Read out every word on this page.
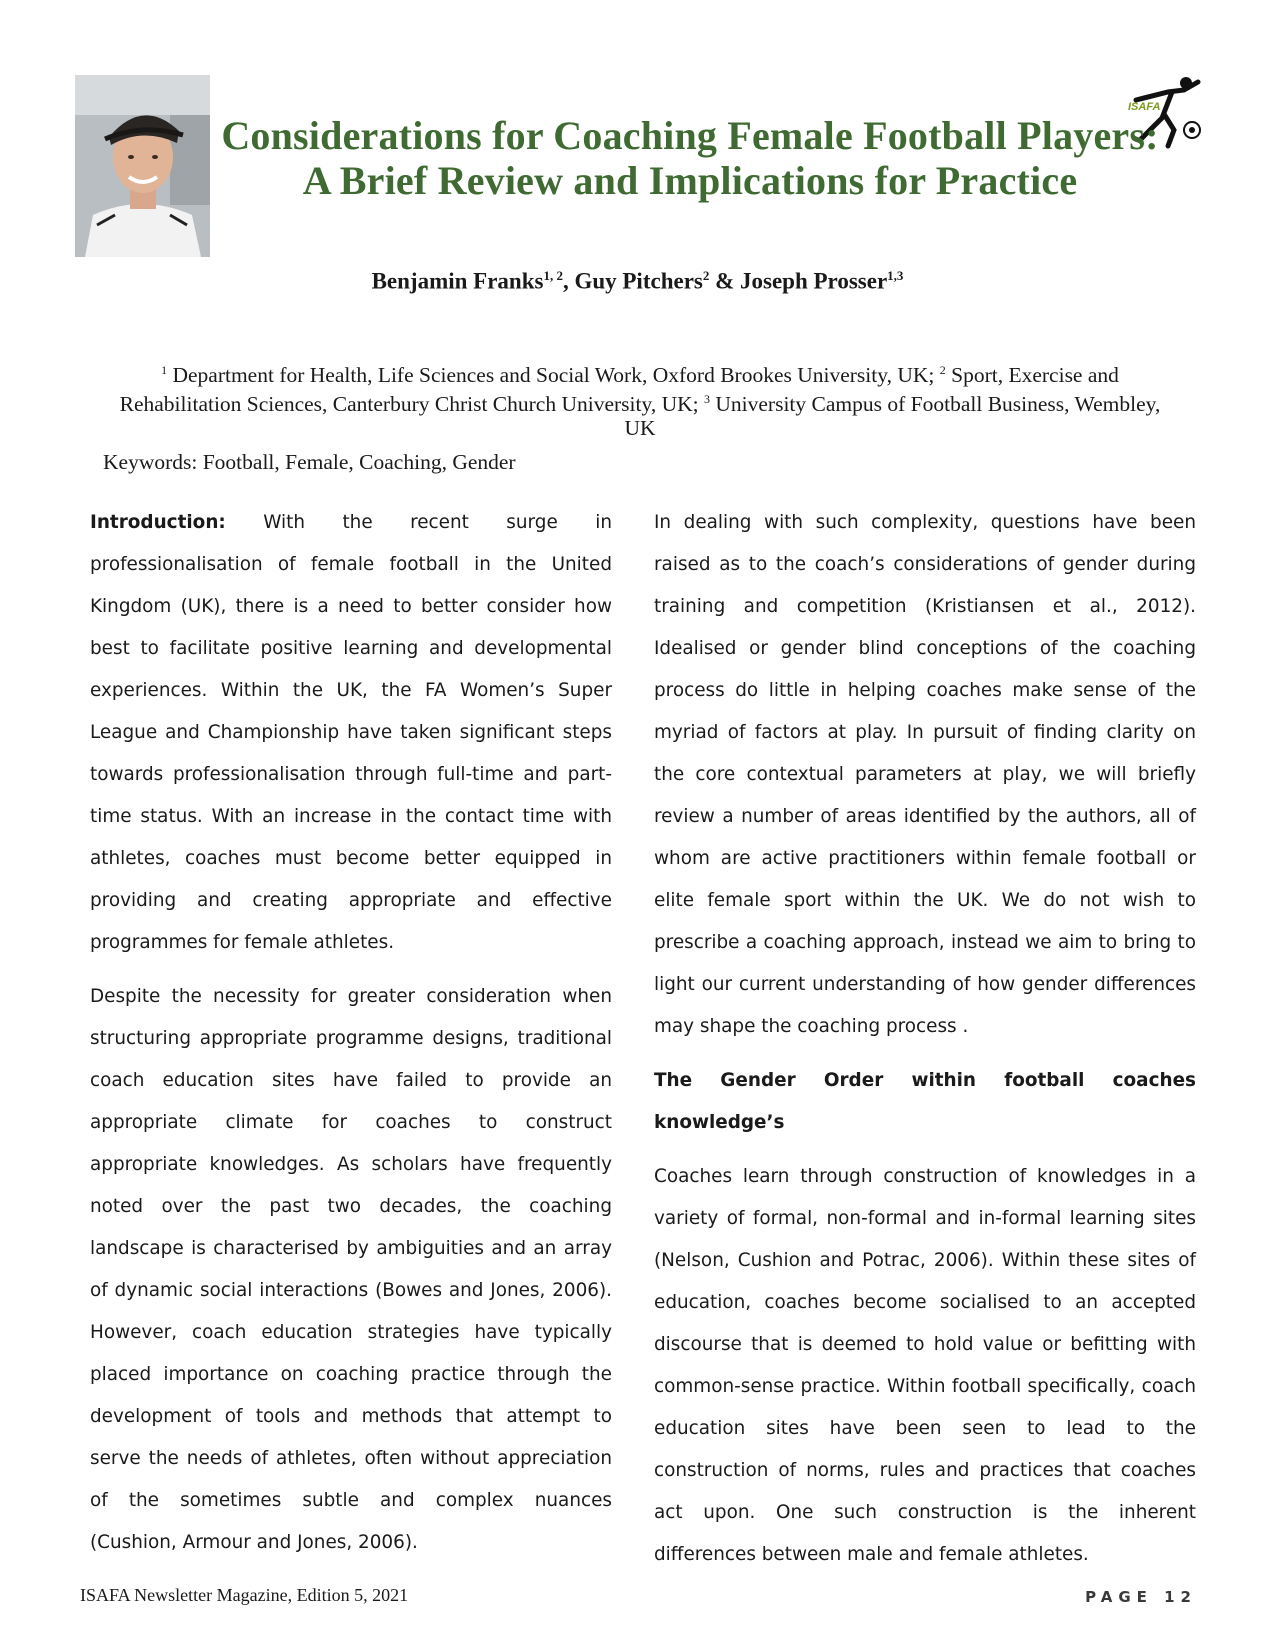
ISAFA
Considerations for Coaching Female Football Players: A Brief Review and Implications for Practice
Benjamin Franks$^{1, 2}$, Guy Pitchers$^2$ & Joseph Prosser$^{1,3}$

$^1$ Department for Health, Life Sciences and Social Work, Oxford Brookes University, UK; $^2$ Sport, Exercise and Rehabilitation Sciences, Canterbury Christ Church University, UK; $^3$ University Campus of Football Business, Wembley, UK

Keywords: Football, Female, Coaching, Gender

Introduction: With the recent surge in professionalisation of female football in the United Kingdom (UK), there is a need to better consider how best to facilitate positive learning and developmental experiences. Within the UK, the FA Women’s Super League and Championship have taken significant steps towards professionalisation through full-time and part-time status. With an increase in the contact time with athletes, coaches must become better equipped in providing and creating appropriate and effective programmes for female athletes.

Despite the necessity for greater consideration when structuring appropriate programme designs, traditional coach education sites have failed to provide an appropriate climate for coaches to construct appropriate knowledges. As scholars have frequently noted over the past two decades, the coaching landscape is characterised by ambiguities and an array of dynamic social interactions (Bowes and Jones, 2006). However, coach education strategies have typically placed importance on coaching practice through the development of tools and methods that attempt to serve the needs of athletes, often without appreciation of the sometimes subtle and complex nuances (Cushion, Armour and Jones, 2006).

In dealing with such complexity, questions have been raised as to the coach’s considerations of gender during training and competition (Kristiansen et al., 2012). Idealised or gender blind conceptions of the coaching process do little in helping coaches make sense of the myriad of factors at play. In pursuit of finding clarity on the core contextual parameters at play, we will briefly review a number of areas identified by the authors, all of whom are active practitioners within female football or elite female sport within the UK. We do not wish to prescribe a coaching approach, instead we aim to bring to light our current understanding of how gender differences may shape the coaching process .

The Gender Order within football coaches knowledge’s

Coaches learn through construction of knowledges in a variety of formal, non-formal and in-formal learning sites (Nelson, Cushion and Potrac, 2006). Within these sites of education, coaches become socialised to an accepted discourse that is deemed to hold value or befitting with common-sense practice. Within football specifically, coach education sites have been seen to lead to the construction of norms, rules and practices that coaches act upon. One such construction is the inherent differences between male and female athletes.

ISAFA Newsletter Magazine, Edition 5, 2021	PAGE 12
